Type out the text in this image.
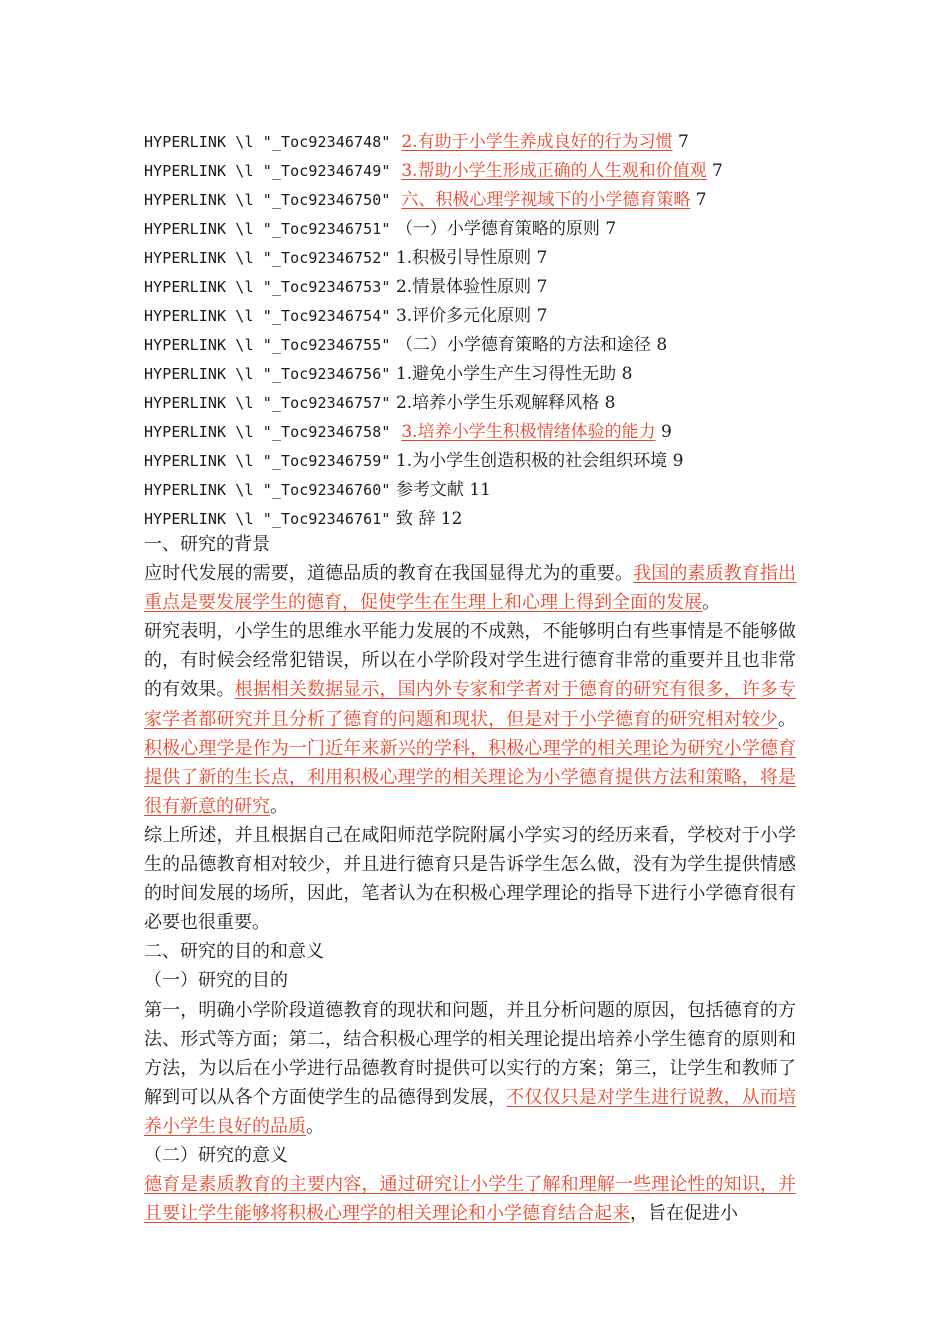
HYPERLINK \l "_Toc92346748" 2.有助于小学生养成良好的行为习惯 7
HYPERLINK \l "_Toc92346749" 3.帮助小学生形成正确的人生观和价值观 7
HYPERLINK \l "_Toc92346750" 六、积极心理学视域下的小学德育策略 7
HYPERLINK \l "_Toc92346751" （一）小学德育策略的原则 7
HYPERLINK \l "_Toc92346752" 1.积极引导性原则 7
HYPERLINK \l "_Toc92346753" 2.情景体验性原则 7
HYPERLINK \l "_Toc92346754" 3.评价多元化原则 7
HYPERLINK \l "_Toc92346755" （二）小学德育策略的方法和途径 8
HYPERLINK \l "_Toc92346756" 1.避免小学生产生习得性无助 8
HYPERLINK \l "_Toc92346757" 2.培养小学生乐观解释风格 8
HYPERLINK \l "_Toc92346758" 3.培养小学生积极情绪体验的能力 9
HYPERLINK \l "_Toc92346759" 1.为小学生创造积极的社会组织环境 9
HYPERLINK \l "_Toc92346760" 参考文献 11
HYPERLINK \l "_Toc92346761" 致 辞 12

一、研究的背景

应时代发展的需要，道德品质的教育在我国显得尤为的重要。我国的素质教育指出重点是要发展学生的德育，促使学生在生理上和心理上得到全面的发展。

研究表明，小学生的思维水平能力发展的不成熟，不能够明白有些事情是不能够做的，有时候会经常犯错误，所以在小学阶段对学生进行德育非常的重要并且也非常的有效果。根据相关数据显示，国内外专家和学者对于德育的研究有很多，许多专家学者都研究并且分析了德育的问题和现状，但是对于小学德育的研究相对较少。积极心理学是作为一门近年来新兴的学科，积极心理学的相关理论为研究小学德育提供了新的生长点，利用积极心理学的相关理论为小学德育提供方法和策略，将是很有新意的研究。

综上所述，并且根据自己在咸阳师范学院附属小学实习的经历来看，学校对于小学生的品德教育相对较少，并且进行德育只是告诉学生怎么做，没有为学生提供情感的时间发展的场所，因此，笔者认为在积极心理学理论的指导下进行小学德育很有必要也很重要。

二、研究的目的和意义

（一）研究的目的

第一，明确小学阶段道德教育的现状和问题，并且分析问题的原因，包括德育的方法、形式等方面；第二，结合积极心理学的相关理论提出培养小学生德育的原则和方法，为以后在小学进行品德教育时提供可以实行的方案；第三，让学生和教师了解到可以从各个方面使学生的品德得到发展，不仅仅只是对学生进行说教，从而培养小学生良好的品质。

（二）研究的意义

德育是素质教育的主要内容，通过研究让小学生了解和理解一些理论性的知识，并且要让学生能够将积极心理学的相关理论和小学德育结合起来，旨在促进小
